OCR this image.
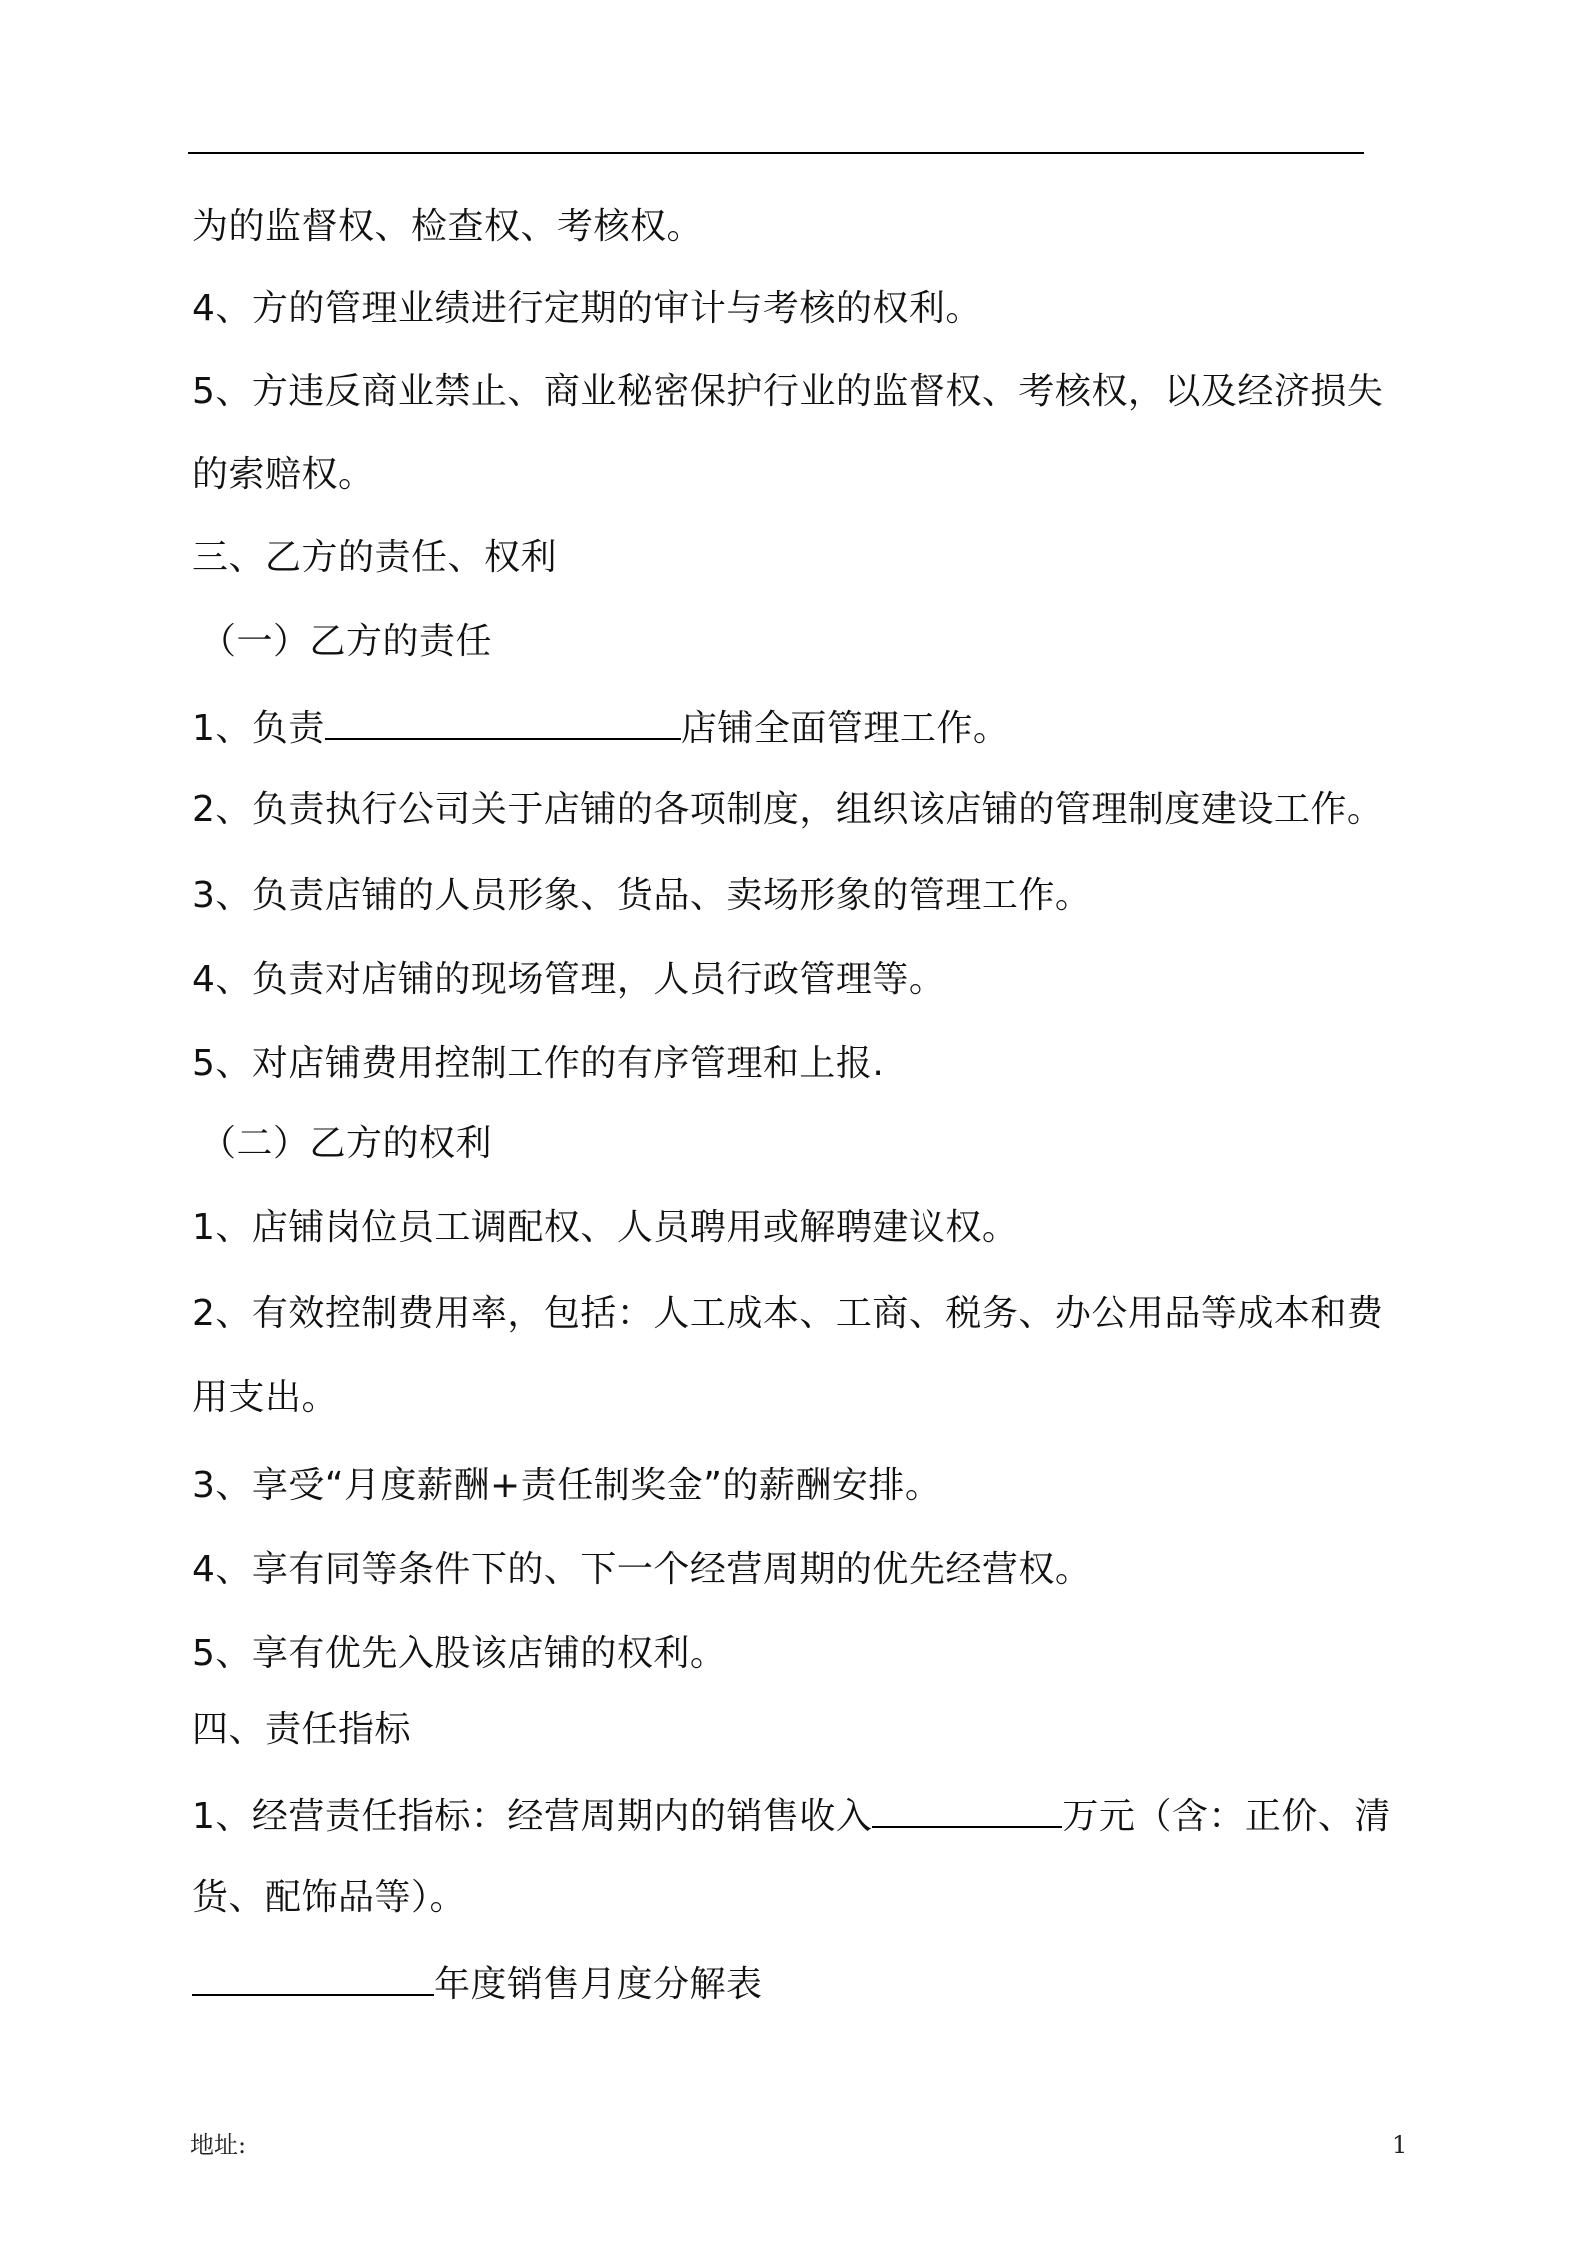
为的监督权、检查权、考核权。
4、方的管理业绩进行定期的审计与考核的权利。
5、方违反商业禁止、商业秘密保护行业的监督权、考核权，以及经济损失
的索赔权。
三、乙方的责任、权利
（一）乙方的责任
1、负责	店铺全面管理工作。
2、负责执行公司关于店铺的各项制度，组织该店铺的管理制度建设工作。
3、负责店铺的人员形象、货品、卖场形象的管理工作。
4、负责对店铺的现场管理，人员行政管理等。
5、对店铺费用控制工作的有序管理和上报.
（二）乙方的权利
1、店铺岗位员工调配权、人员聘用或解聘建议权。
2、有效控制费用率，包括：人工成本、工商、税务、办公用品等成本和费
用支出。
3、享受“月度薪酬+责任制奖金”的薪酬安排。
4、享有同等条件下的、下一个经营周期的优先经营权。
5、享有优先入股该店铺的权利。
四、责任指标
1、经营责任指标：经营周期内的销售收入	万元（含：正价、清
货、配饰品等）。
年度销售月度分解表
地址:	1
